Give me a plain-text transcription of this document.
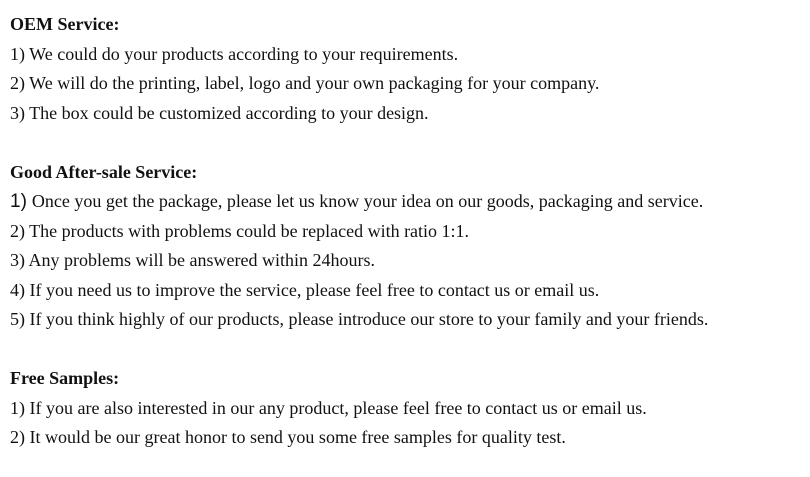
OEM Service:
1) We could do your products according to your requirements.
2) We will do the printing, label, logo and your own packaging for your company.
3) The box could be customized according to your design.
Good After-sale Service:
1) Once you get the package, please let us know your idea on our goods, packaging and service.
2) The products with problems could be replaced with ratio 1:1.
3) Any problems will be answered within 24hours.
4) If you need us to improve the service, please feel free to contact us or email us.
5) If you think highly of our products, please introduce our store to your family and your friends.
Free Samples:
1) If you are also interested in our any product, please feel free to contact us or email us.
2) It would be our great honor to send you some free samples for quality test.
